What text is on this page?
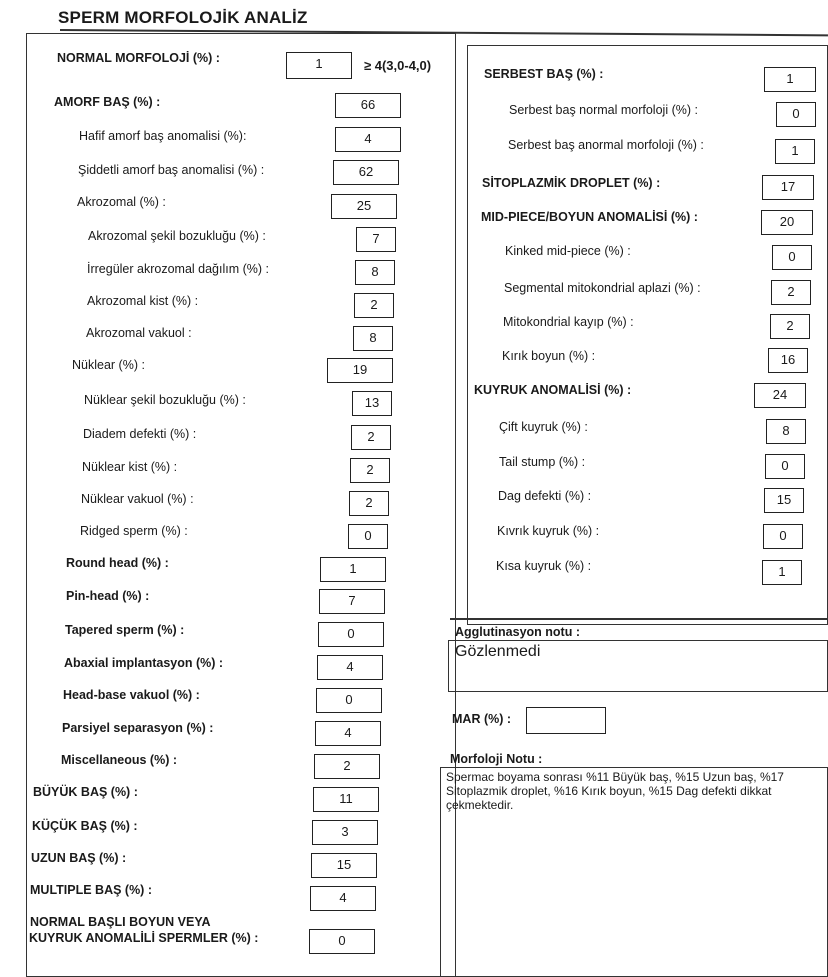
SPERM MORFOLOJİK ANALİZ
NORMAL MORFOLOJİ (%) :	1	≥ 4(3,0-4,0)
AMORF BAŞ (%) :	66
Hafif amorf baş anomalisi (%):	4
Şiddetli amorf baş anomalisi (%) :	62
Akrozomal (%) :	25
Akrozomal şekil bozukluğu (%) :	7
İrregüler akrozomal dağılım (%) :	8
Akrozomal kist (%) :	2
Akrozomal vakuol :	8
Nüklear (%) :	19
Nüklear şekil bozukluğu (%) :	13
Diadem defekti (%) :	2
Nüklear kist (%) :	2
Nüklear vakuol (%) :	2
Ridged sperm (%) :	0
Round head (%) :	1
Pin-head (%) :	7
Tapered sperm (%) :	0
Abaxial implantasyon (%) :	4
Head-base vakuol (%) :	0
Parsiyel separasyon (%) :	4
Miscellaneous (%) :	2
BÜYÜK BAŞ (%) :	11
KÜÇÜK BAŞ (%) :	3
UZUN BAŞ (%) :	15
MULTIPLE BAŞ (%) :	4
NORMAL BAŞLI BOYUN VEYA
KUYRUK ANOMALİLİ SPERMLER (%) :	0
SERBEST BAŞ (%) :	1
Serbest baş normal morfoloji (%) :	0
Serbest baş anormal morfoloji (%) :	1
SİTOPLAZMİK DROPLET (%) :	17
MID-PIECE/BOYUN ANOMALİSİ (%) :	20
Kinked mid-piece (%) :	0
Segmental mitokondrial aplazi (%) :	2
Mitokondrial kayıp (%) :	2
Kırık boyun (%) :	16
KUYRUK ANOMALİSİ (%) :	24
Çift kuyruk (%) :	8
Tail stump (%) :	0
Dag defekti (%) :	15
Kıvrık kuyruk (%) :	0
Kısa kuyruk (%) :	1
Agglutinasyon notu :
Gözlenmedi
MAR (%) :
Morfoloji Notu :
Spermac boyama sonrası %11 Büyük baş, %15 Uzun baş, %17 Sitoplazmik droplet, %16 Kırık boyun, %15 Dag defekti dikkat çekmektedir.
